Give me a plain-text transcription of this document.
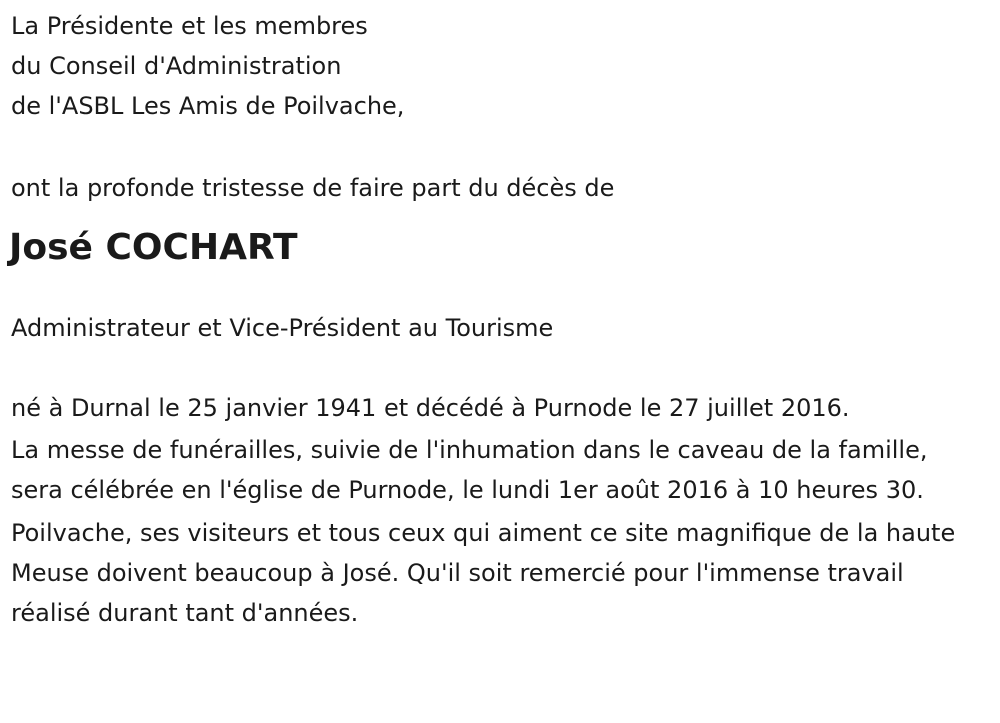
La Présidente et les membres

du Conseil d'Administration

de l'ASBL Les Amis de Poilvache,

ont la profonde tristesse de faire part du décès de

José COCHART

Administrateur et Vice-Président au Tourisme

né à Durnal le 25 janvier 1941 et décédé à Purnode le 27 juillet 2016.

La messe de funérailles, suivie de l'inhumation dans le caveau de la famille, sera célébrée en l'église de Purnode, le lundi 1er août 2016 à 10 heures 30.

Poilvache, ses visiteurs et tous ceux qui aiment ce site magnifique de la haute Meuse doivent beaucoup à José. Qu'il soit remercié pour l'immense travail réalisé durant tant d'années.
